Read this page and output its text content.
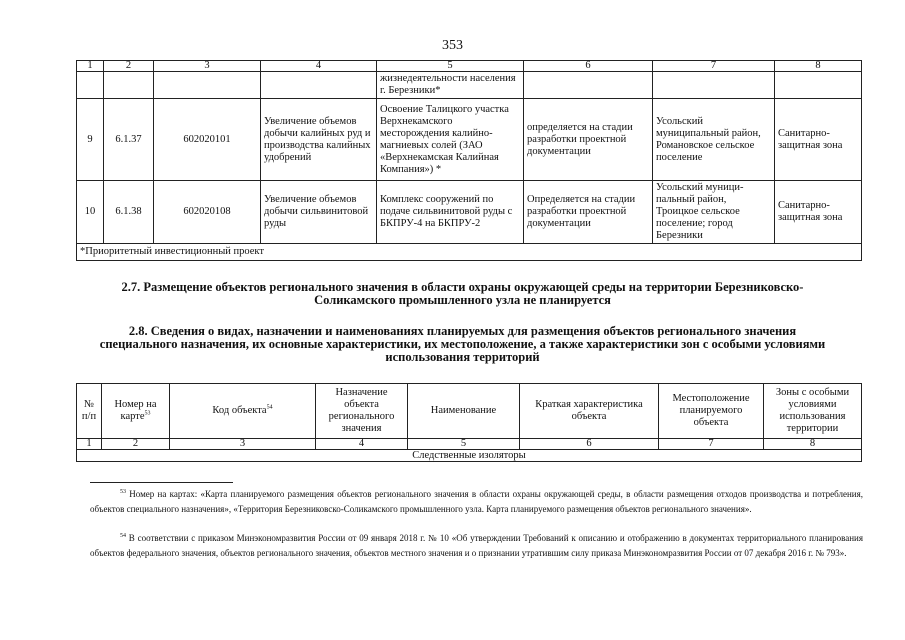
353
1	2	3	4	5	6	7	8
				жизнедеятельности населения г. Березники*			
9	6.1.37	602020101	Увеличение объемов добычи калийных руд и производства калийных удобрений	Освоение Талицкого участка Верхнекамского месторождения калийно-магниевых солей (ЗАО «Верхнекамская Калийная Компания») *	определяется на стадии разработки проектной документации	Усольский муниципальный район, Романовское сельское поселение	Санитарно-защитная зона
10	6.1.38	602020108	Увеличение объемов добычи сильвинитовой руды	Комплекс сооружений по подаче сильвинитовой руды с БКПРУ-4 на БКПРУ-2	Определяется на стадии разработки проектной документации	Усольский муници-пальный район, Троицкое сельское поселение; город Березники	Санитарно-защитная зона
*Приоритетный инвестиционный проект							
2.7. Размещение объектов регионального значения в области охраны окружающей среды на территории Березниковско-Соликамского промышленного узла не планируется
2.8. Сведения о видах, назначении и наименованиях планируемых для размещения объектов регионального значения специального назначения, их основные характеристики, их местоположение, а также характеристики зон с особыми условиями использования территорий
№ п/п	Номер на карте$^{53}$	Код объекта$^{54}$	Назначение объекта регионального значения	Наименование	Краткая характеристика объекта	Местоположение планируемого объекта	Зоны с особыми условиями использования территории
1	2	3	4	5	6	7	8
Следственные изоляторы							
$^{53}$ Номер на картах: «Карта планируемого размещения объектов регионального значения в области охраны окружающей среды, в области размещения отходов производства и потребления, объектов специального назначения», «Территория Березниковско-Соликамского промышленного узла. Карта планируемого размещения объектов регионального значения».
$^{54}$ В соответствии с приказом Минэкономразвития России от 09 января 2018 г. № 10 «Об утверждении Требований к описанию и отображению в документах территориального планирования объектов федерального значения, объектов регионального значения, объектов местного значения и о признании утратившим силу приказа Минэкономразвития России от 07 декабря 2016 г. № 793».
